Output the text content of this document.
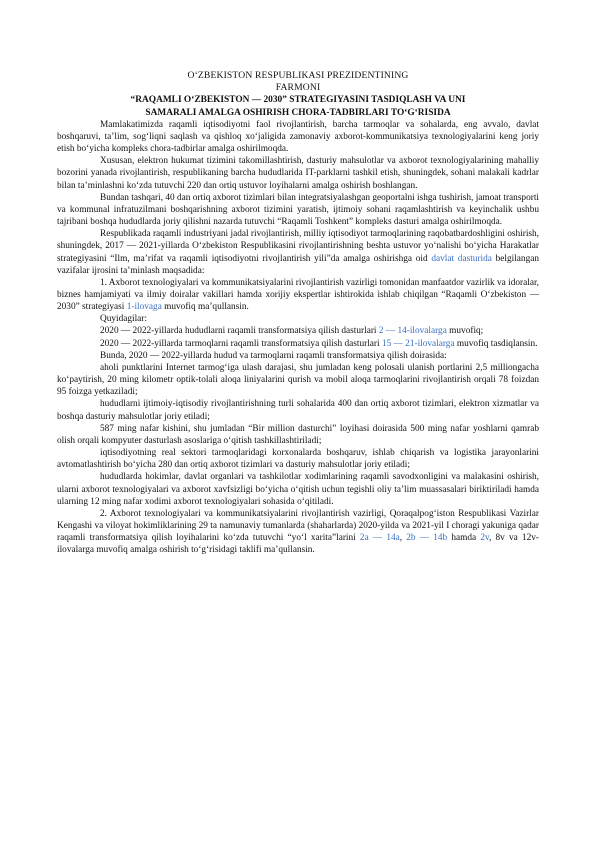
O‘ZBEKISTON RESPUBLIKASI PREZIDENTINING
FARMONI
“RAQAMLI O‘ZBEKISTON — 2030” STRATEGIYASINI TASDIQLASH VA UNI
SAMARALI AMALGA OSHIRISH CHORA-TADBIRLARI TO‘G‘RISIDA

Mamlakatimizda raqamli iqtisodiyotni faol rivojlantirish, barcha tarmoqlar va sohalarda, eng avvalo, davlat boshqaruvi, ta’lim, sog‘liqni saqlash va qishloq xo‘jaligida zamonaviy axborot-kommunikatsiya texnologiyalarini keng joriy etish bo‘yicha kompleks chora-tadbirlar amalga oshirilmoqda.

Xususan, elektron hukumat tizimini takomillashtirish, dasturiy mahsulotlar va axborot texnologiyalarining mahalliy bozorini yanada rivojlantirish, respublikaning barcha hududlarida IT-parklarni tashkil etish, shuningdek, sohani malakali kadrlar bilan ta’minlashni ko‘zda tutuvchi 220 dan ortiq ustuvor loyihalarni amalga oshirish boshlangan.

Bundan tashqari, 40 dan ortiq axborot tizimlari bilan integratsiyalashgan geoportalni ishga tushirish, jamoat transporti va kommunal infratuzilmani boshqarishning axborot tizimini yaratish, ijtimoiy sohani raqamlashtirish va keyinchalik ushbu tajribani boshqa hududlarda joriy qilishni nazarda tutuvchi “Raqamli Toshkent” kompleks dasturi amalga oshirilmoqda.

Respublikada raqamli industriyani jadal rivojlantirish, milliy iqtisodiyot tarmoqlarining raqobatbardoshligini oshirish, shuningdek, 2017 — 2021-yillarda O‘zbekiston Respublikasini rivojlantirishning beshta ustuvor yo‘nalishi bo‘yicha Harakatlar strategiyasini “Ilm, ma’rifat va raqamli iqtisodiyotni rivojlantirish yili”da amalga oshirishga oid davlat dasturida belgilangan vazifalar ijrosini ta’minlash maqsadida:

1. Axborot texnologiyalari va kommunikatsiyalarini rivojlantirish vazirligi tomonidan manfaatdor vazirlik va idoralar, biznes hamjamiyati va ilmiy doiralar vakillari hamda xorijiy ekspertlar ishtirokida ishlab chiqilgan “Raqamli O‘zbekiston — 2030” strategiyasi 1-ilovaga muvofiq ma’qullansin.

Quyidagilar:

2020 — 2022-yillarda hududlarni raqamli transformatsiya qilish dasturlari 2 — 14-ilovalarga muvofiq;

2020 — 2022-yillarda tarmoqlarni raqamli transformatsiya qilish dasturlari 15 — 21-ilovalarga muvofiq tasdiqlansin.

Bunda, 2020 — 2022-yillarda hudud va tarmoqlarni raqamli transformatsiya qilish doirasida:

aholi punktlarini Internet tarmog‘iga ulash darajasi, shu jumladan keng polosali ulanish portlarini 2,5 milliongacha ko‘paytirish, 20 ming kilometr optik-tolali aloqa liniyalarini qurish va mobil aloqa tarmoqlarini rivojlantirish orqali 78 foizdan 95 foizga yetkaziladi;

hududlarni ijtimoiy-iqtisodiy rivojlantirishning turli sohalarida 400 dan ortiq axborot tizimlari, elektron xizmatlar va boshqa dasturiy mahsulotlar joriy etiladi;

587 ming nafar kishini, shu jumladan “Bir million dasturchi” loyihasi doirasida 500 ming nafar yoshlarni qamrab olish orqali kompyuter dasturlash asoslariga o‘qitish tashkillashtiriladi;

iqtisodiyotning real sektori tarmoqlaridagi korxonalarda boshqaruv, ishlab chiqarish va logistika jarayonlarini avtomatlashtirish bo‘yicha 280 dan ortiq axborot tizimlari va dasturiy mahsulotlar joriy etiladi;

hududlarda hokimlar, davlat organlari va tashkilotlar xodimlarining raqamli savodxonligini va malakasini oshirish, ularni axborot texnologiyalari va axborot xavfsizligi bo‘yicha o‘qitish uchun tegishli oliy ta’lim muassasalari biriktiriladi hamda ularning 12 ming nafar xodimi axborot texnologiyalari sohasida o‘qitiladi.

2. Axborot texnologiyalari va kommunikatsiyalarini rivojlantirish vazirligi, Qoraqalpog‘iston Respublikasi Vazirlar Kengashi va viloyat hokimliklarining 29 ta namunaviy tumanlarda (shaharlarda) 2020-yilda va 2021-yil I choragi yakuniga qadar raqamli transformatsiya qilish loyihalarini ko‘zda tutuvchi “yo‘l xarita”larini 2a — 14a, 2b — 14b hamda 2v, 8v va 12v-ilovalarga muvofiq amalga oshirish to‘g‘risidagi taklifi ma’qullansin.
